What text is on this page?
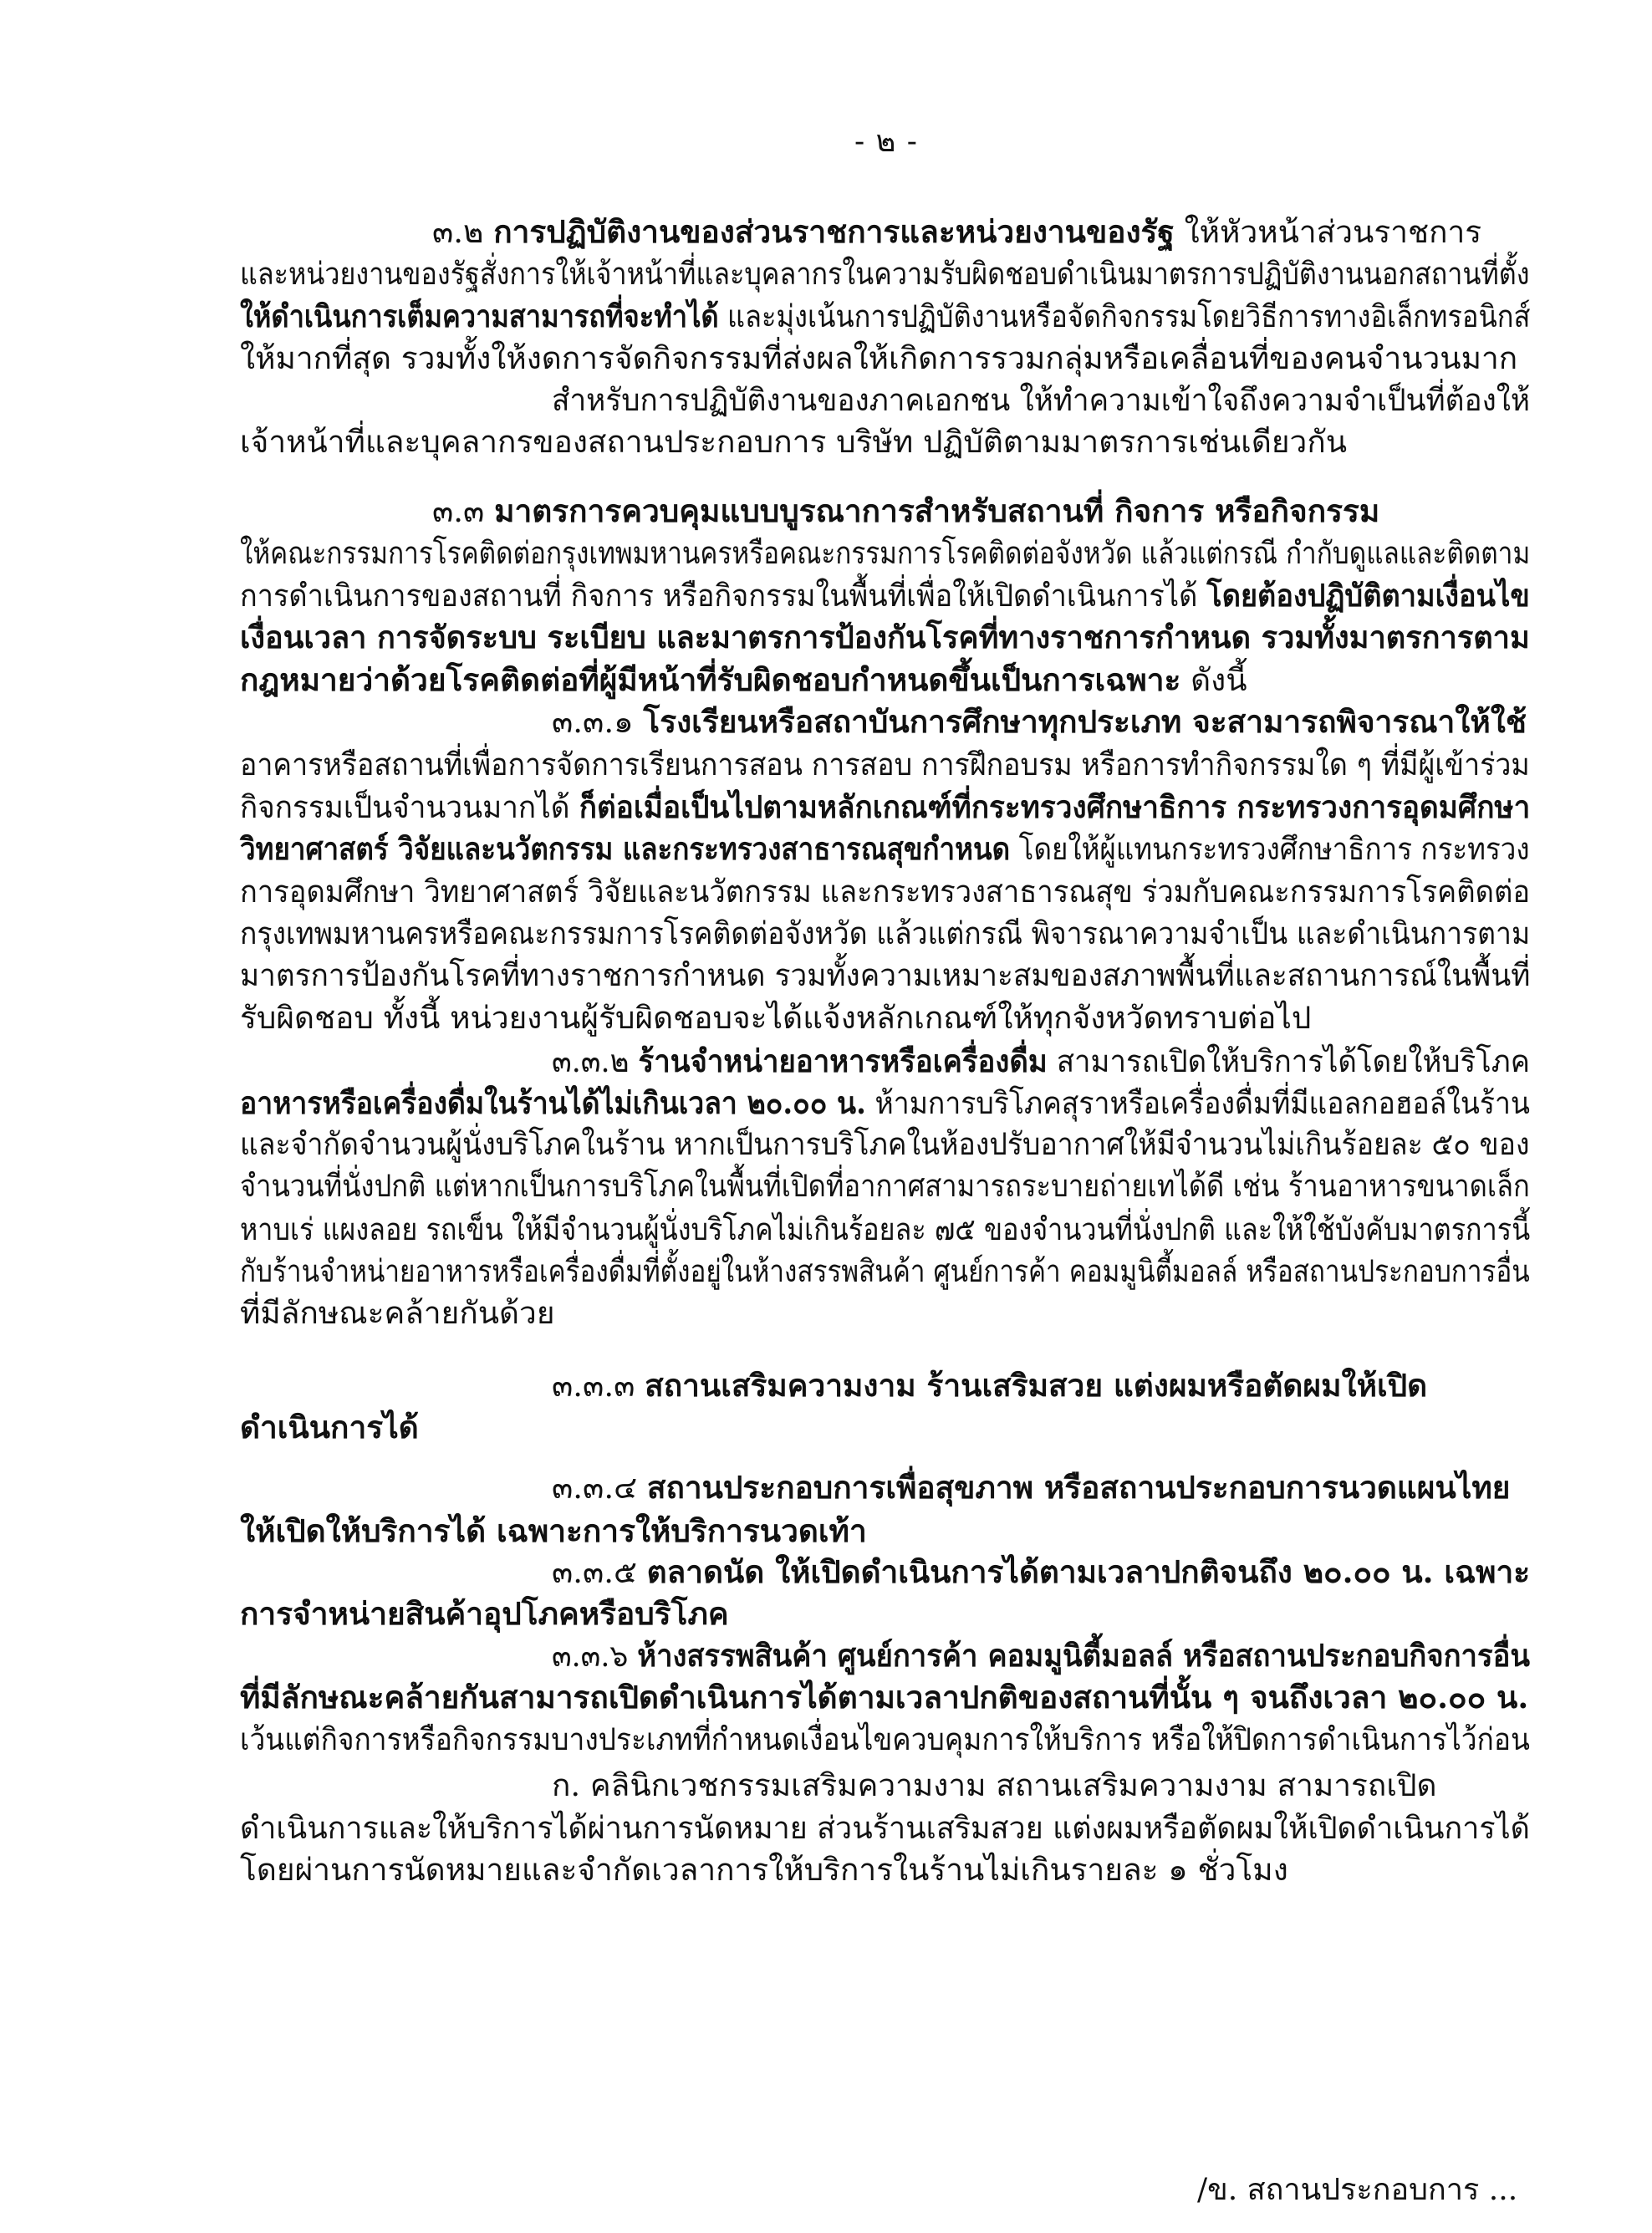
- ๒ -
๓.๒ การปฏิบัติงานของส่วนราชการและหน่วยงานของรัฐ ให้หัวหน้าส่วนราชการ
และหน่วยงานของรัฐสั่งการให้เจ้าหน้าที่และบุคลากรในความรับผิดชอบดำเนินมาตรการปฏิบัติงานนอกสถานที่ตั้ง
ให้ดำเนินการเต็มความสามารถที่จะทำได้ และมุ่งเน้นการปฏิบัติงานหรือจัดกิจกรรมโดยวิธีการทางอิเล็กทรอนิกส์
ให้มากที่สุด รวมทั้งให้งดการจัดกิจกรรมที่ส่งผลให้เกิดการรวมกลุ่มหรือเคลื่อนที่ของคนจำนวนมาก
สำหรับการปฏิบัติงานของภาคเอกชน ให้ทำความเข้าใจถึงความจำเป็นที่ต้องให้
เจ้าหน้าที่และบุคลากรของสถานประกอบการ บริษัท ปฏิบัติตามมาตรการเช่นเดียวกัน
๓.๓ มาตรการควบคุมแบบบูรณาการสำหรับสถานที่ กิจการ หรือกิจกรรม
ให้คณะกรรมการโรคติดต่อกรุงเทพมหานครหรือคณะกรรมการโรคติดต่อจังหวัด แล้วแต่กรณี กำกับดูแลและติดตาม
การดำเนินการของสถานที่ กิจการ หรือกิจกรรมในพื้นที่เพื่อให้เปิดดำเนินการได้ โดยต้องปฏิบัติตามเงื่อนไข
เงื่อนเวลา การจัดระบบ ระเบียบ และมาตรการป้องกันโรคที่ทางราชการกำหนด รวมทั้งมาตรการตาม
กฎหมายว่าด้วยโรคติดต่อที่ผู้มีหน้าที่รับผิดชอบกำหนดขึ้นเป็นการเฉพาะ ดังนี้
๓.๓.๑ โรงเรียนหรือสถาบันการศึกษาทุกประเภท จะสามารถพิจารณาให้ใช้
อาคารหรือสถานที่เพื่อการจัดการเรียนการสอน การสอบ การฝึกอบรม หรือการทำกิจกรรมใด ๆ ที่มีผู้เข้าร่วม
กิจกรรมเป็นจำนวนมากได้ ก็ต่อเมื่อเป็นไปตามหลักเกณฑ์ที่กระทรวงศึกษาธิการ กระทรวงการอุดมศึกษา
วิทยาศาสตร์ วิจัยและนวัตกรรม และกระทรวงสาธารณสุขกำหนด โดยให้ผู้แทนกระทรวงศึกษาธิการ กระทรวง
การอุดมศึกษา วิทยาศาสตร์ วิจัยและนวัตกรรม และกระทรวงสาธารณสุข ร่วมกับคณะกรรมการโรคติดต่อ
กรุงเทพมหานครหรือคณะกรรมการโรคติดต่อจังหวัด แล้วแต่กรณี พิจารณาความจำเป็น และดำเนินการตาม
มาตรการป้องกันโรคที่ทางราชการกำหนด รวมทั้งความเหมาะสมของสภาพพื้นที่และสถานการณ์ในพื้นที่
รับผิดชอบ ทั้งนี้ หน่วยงานผู้รับผิดชอบจะได้แจ้งหลักเกณฑ์ให้ทุกจังหวัดทราบต่อไป
๓.๓.๒ ร้านจำหน่ายอาหารหรือเครื่องดื่ม สามารถเปิดให้บริการได้โดยให้บริโภค
อาหารหรือเครื่องดื่มในร้านได้ไม่เกินเวลา ๒๐.๐๐ น. ห้ามการบริโภคสุราหรือเครื่องดื่มที่มีแอลกอฮอล์ในร้าน
และจำกัดจำนวนผู้นั่งบริโภคในร้าน หากเป็นการบริโภคในห้องปรับอากาศให้มีจำนวนไม่เกินร้อยละ ๕๐ ของ
จำนวนที่นั่งปกติ แต่หากเป็นการบริโภคในพื้นที่เปิดที่อากาศสามารถระบายถ่ายเทได้ดี เช่น ร้านอาหารขนาดเล็ก
หาบเร่ แผงลอย รถเข็น ให้มีจำนวนผู้นั่งบริโภคไม่เกินร้อยละ ๗๕ ของจำนวนที่นั่งปกติ และให้ใช้บังคับมาตรการนี้
กับร้านจำหน่ายอาหารหรือเครื่องดื่มที่ตั้งอยู่ในห้างสรรพสินค้า ศูนย์การค้า คอมมูนิตี้มอลล์ หรือสถานประกอบการอื่น
ที่มีลักษณะคล้ายกันด้วย
๓.๓.๓ สถานเสริมความงาม ร้านเสริมสวย แต่งผมหรือตัดผมให้เปิด
ดำเนินการได้
๓.๓.๔ สถานประกอบการเพื่อสุขภาพ หรือสถานประกอบการนวดแผนไทย
ให้เปิดให้บริการได้ เฉพาะการให้บริการนวดเท้า
๓.๓.๕ ตลาดนัด ให้เปิดดำเนินการได้ตามเวลาปกติจนถึง ๒๐.๐๐ น. เฉพาะ
การจำหน่ายสินค้าอุปโภคหรือบริโภค
๓.๓.๖ ห้างสรรพสินค้า ศูนย์การค้า คอมมูนิตี้มอลล์ หรือสถานประกอบกิจการอื่น
ที่มีลักษณะคล้ายกันสามารถเปิดดำเนินการได้ตามเวลาปกติของสถานที่นั้น ๆ จนถึงเวลา ๒๐.๐๐ น.
เว้นแต่กิจการหรือกิจกรรมบางประเภทที่กำหนดเงื่อนไขควบคุมการให้บริการ หรือให้ปิดการดำเนินการไว้ก่อน
ก. คลินิกเวชกรรมเสริมความงาม สถานเสริมความงาม สามารถเปิด
ดำเนินการและให้บริการได้ผ่านการนัดหมาย ส่วนร้านเสริมสวย แต่งผมหรือตัดผมให้เปิดดำเนินการได้
โดยผ่านการนัดหมายและจำกัดเวลาการให้บริการในร้านไม่เกินรายละ ๑ ชั่วโมง
/ข. สถานประกอบการ ...
